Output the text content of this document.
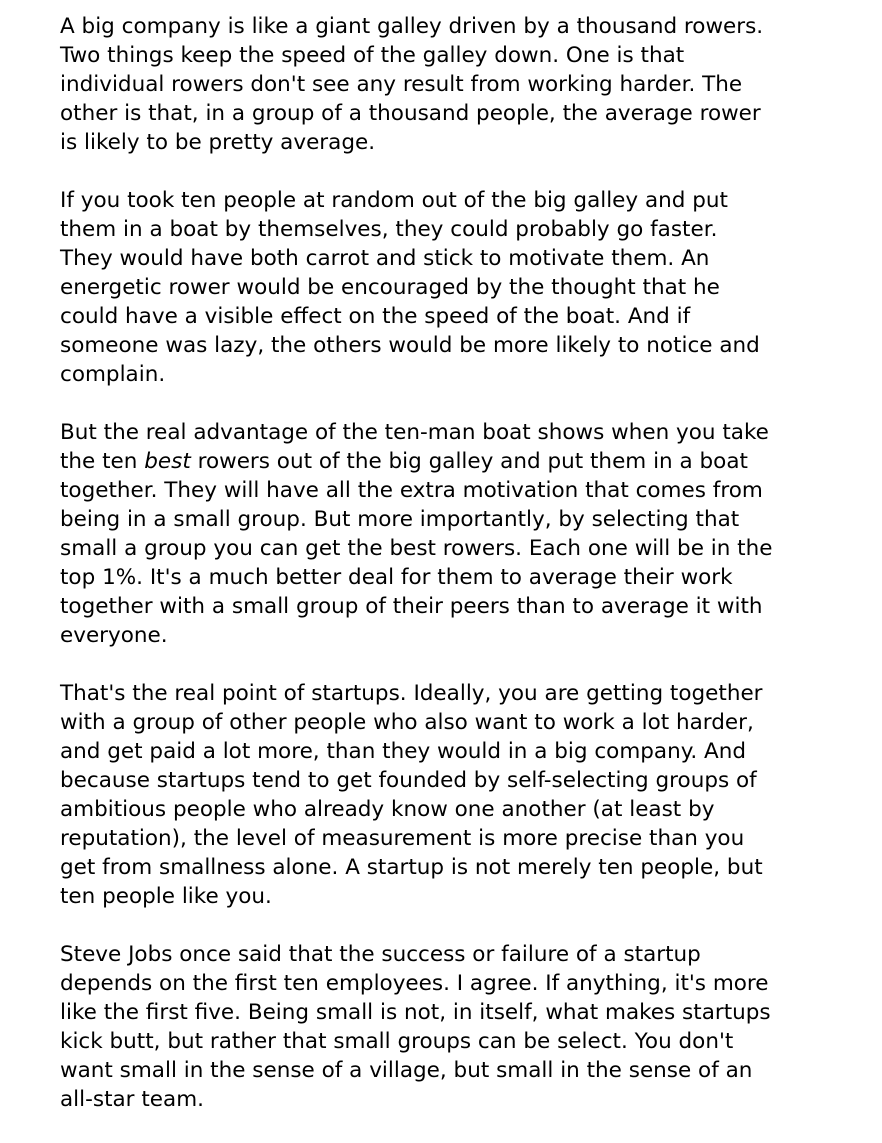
A big company is like a giant galley driven by a thousand rowers.
Two things keep the speed of the galley down. One is that
individual rowers don't see any result from working harder. The
other is that, in a group of a thousand people, the average rower
is likely to be pretty average.

If you took ten people at random out of the big galley and put
them in a boat by themselves, they could probably go faster.
They would have both carrot and stick to motivate them. An
energetic rower would be encouraged by the thought that he
could have a visible effect on the speed of the boat. And if
someone was lazy, the others would be more likely to notice and
complain.

But the real advantage of the ten-man boat shows when you take
the ten best rowers out of the big galley and put them in a boat
together. They will have all the extra motivation that comes from
being in a small group. But more importantly, by selecting that
small a group you can get the best rowers. Each one will be in the
top 1%. It's a much better deal for them to average their work
together with a small group of their peers than to average it with
everyone.

That's the real point of startups. Ideally, you are getting together
with a group of other people who also want to work a lot harder,
and get paid a lot more, than they would in a big company. And
because startups tend to get founded by self-selecting groups of
ambitious people who already know one another (at least by
reputation), the level of measurement is more precise than you
get from smallness alone. A startup is not merely ten people, but
ten people like you.

Steve Jobs once said that the success or failure of a startup
depends on the first ten employees. I agree. If anything, it's more
like the first five. Being small is not, in itself, what makes startups
kick butt, but rather that small groups can be select. You don't
want small in the sense of a village, but small in the sense of an
all-star team.
